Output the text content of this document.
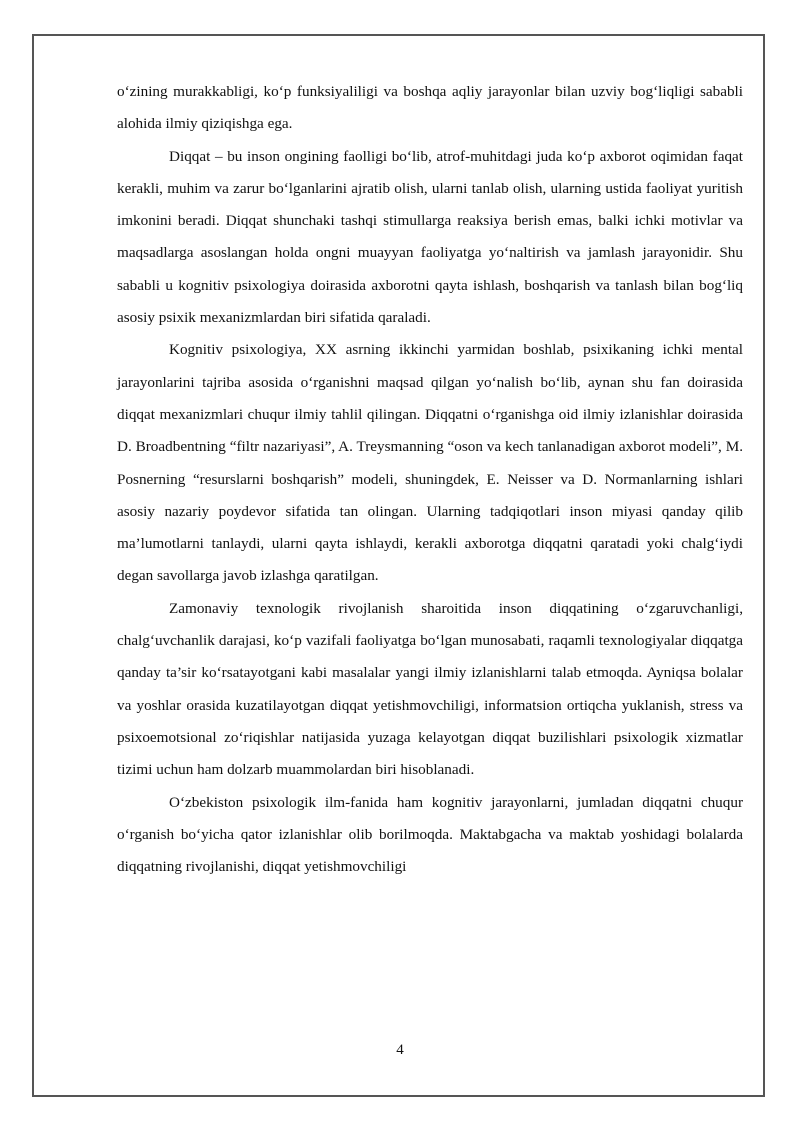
o‘zining murakkabligi, ko‘p funksiyaliligi va boshqa aqliy jarayonlar bilan uzviy bog‘liqligi sababli alohida ilmiy qiziqishga ega.

Diqqat – bu inson ongining faolligi bo‘lib, atrof-muhitdagi juda ko‘p axborot oqimidan faqat kerakli, muhim va zarur bo‘lganlarini ajratib olish, ularni tanlab olish, ularning ustida faoliyat yuritish imkonini beradi. Diqqat shunchaki tashqi stimullarga reaksiya berish emas, balki ichki motivlar va maqsadlarga asoslangan holda ongni muayyan faoliyatga yo‘naltirish va jamlash jarayonidir. Shu sababli u kognitiv psixologiya doirasida axborotni qayta ishlash, boshqarish va tanlash bilan bog‘liq asosiy psixik mexanizmlardan biri sifatida qaraladi.

Kognitiv psixologiya, XX asrning ikkinchi yarmidan boshlab, psixikaning ichki mental jarayonlarini tajriba asosida o‘rganishni maqsad qilgan yo‘nalish bo‘lib, aynan shu fan doirasida diqqat mexanizmlari chuqur ilmiy tahlil qilingan. Diqqatni o‘rganishga oid ilmiy izlanishlar doirasida D. Broadbentning “filtr nazariyasi”, A. Treysmanning “oson va kech tanlanadigan axborot modeli”, M. Posnerning “resurslarni boshqarish” modeli, shuningdek, E. Neisser va D. Normanlarning ishlari asosiy nazariy poydevor sifatida tan olingan. Ularning tadqiqotlari inson miyasi qanday qilib ma’lumotlarni tanlaydi, ularni qayta ishlaydi, kerakli axborotga diqqatni qaratadi yoki chalg‘iydi degan savollarga javob izlashga qaratilgan.

Zamonaviy texnologik rivojlanish sharoitida inson diqqatining o‘zgaruvchanligi, chalg‘uvchanlik darajasi, ko‘p vazifali faoliyatga bo‘lgan munosabati, raqamli texnologiyalar diqqatga qanday ta’sir ko‘rsatayotgani kabi masalalar yangi ilmiy izlanishlarni talab etmoqda. Ayniqsa bolalar va yoshlar orasida kuzatilayotgan diqqat yetishmovchiligi, informatsion ortiqcha yuklanish, stress va psixoemotsional zo‘riqishlar natijasida yuzaga kelayotgan diqqat buzilishlari psixologik xizmatlar tizimi uchun ham dolzarb muammolardan biri hisoblanadi.

O‘zbekiston psixologik ilm-fanida ham kognitiv jarayonlarni, jumladan diqqatni chuqur o‘rganish bo‘yicha qator izlanishlar olib borilmoqda. Maktabgacha va maktab yoshidagi bolalarda diqqatning rivojlanishi, diqqat yetishmovchiligi

4
